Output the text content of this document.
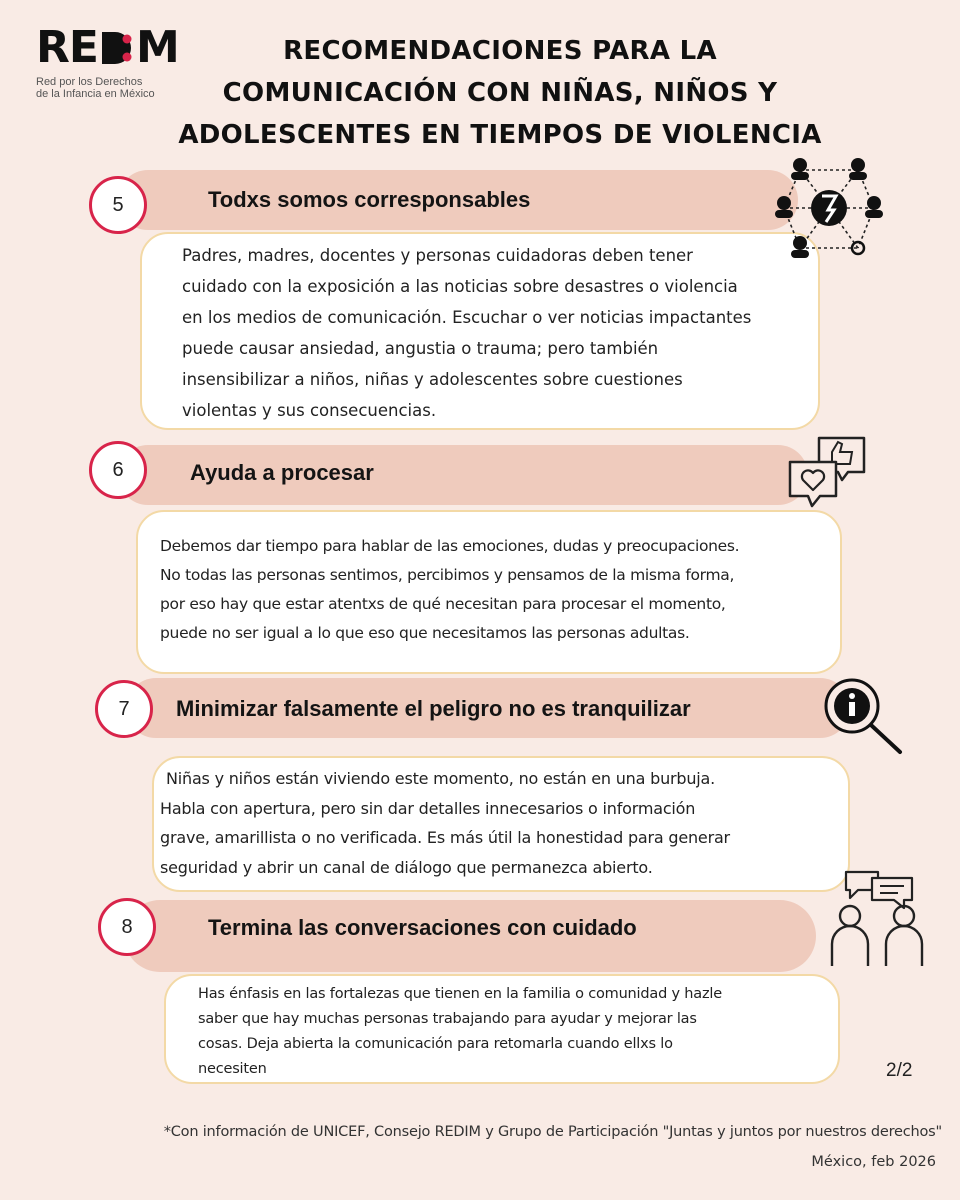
RE M
Red por los Derechos
de la Infancia en México
RECOMENDACIONES PARA LA
COMUNICACIÓN CON NIÑAS, NIÑOS Y
ADOLESCENTES EN TIEMPOS DE VIOLENCIA
5	Todxs somos corresponsables
Padres, madres, docentes y personas cuidadoras deben tener
cuidado con la exposición a las noticias sobre desastres o violencia
en los medios de comunicación. Escuchar o ver noticias impactantes
puede causar ansiedad, angustia o trauma; pero también
insensibilizar a niños, niñas y adolescentes sobre cuestiones
violentas y sus consecuencias.
6	Ayuda a procesar
Debemos dar tiempo para hablar de las emociones, dudas y preocupaciones.
No todas las personas sentimos, percibimos y pensamos de la misma forma,
por eso hay que estar atentxs de qué necesitan para procesar el momento,
puede no ser igual a lo que eso que necesitamos las personas adultas.
7	Minimizar falsamente el peligro no es tranquilizar
Niñas y niños están viviendo este momento, no están en una burbuja.
Habla con apertura, pero sin dar detalles innecesarios o información
grave, amarillista o no verificada. Es más útil la honestidad para generar
seguridad y abrir un canal de diálogo que permanezca abierto.
8	Termina las conversaciones con cuidado
Has énfasis en las fortalezas que tienen en la familia o comunidad y hazle
saber que hay muchas personas trabajando para ayudar y mejorar las
cosas. Deja abierta la comunicación para retomarla cuando ellxs lo
necesiten	2/2
*Con información de UNICEF, Consejo REDIM y Grupo de Participación "Juntas y juntos por nuestros derechos"
México, feb 2026
